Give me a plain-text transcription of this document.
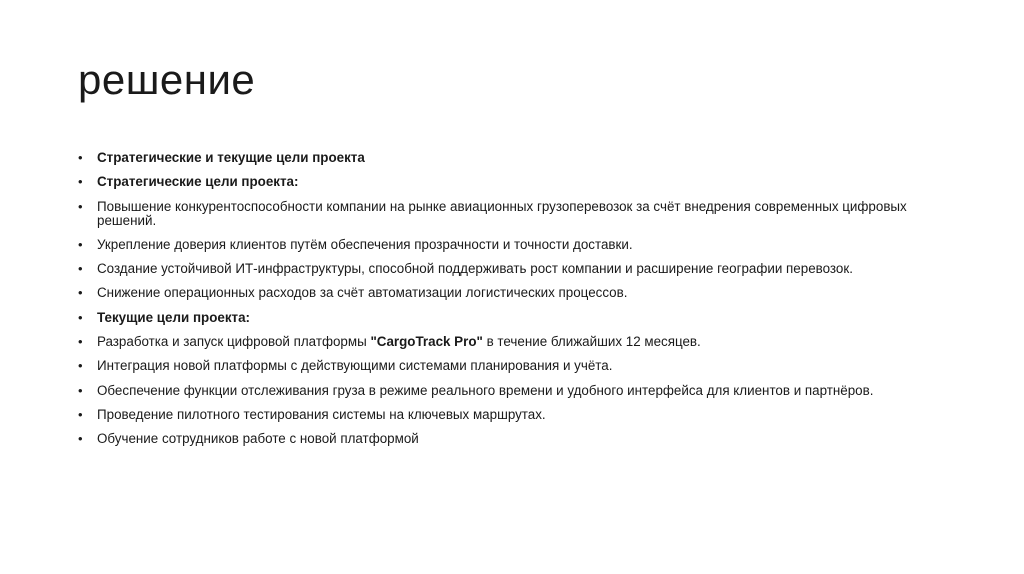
решение
• Стратегические и текущие цели проекта
• Стратегические цели проекта:
• Повышение конкурентоспособности компании на рынке авиационных грузоперевозок за счёт внедрения современных цифровых решений.
• Укрепление доверия клиентов путём обеспечения прозрачности и точности доставки.
• Создание устойчивой ИТ-инфраструктуры, способной поддерживать рост компании и расширение географии перевозок.
• Снижение операционных расходов за счёт автоматизации логистических процессов.
• Текущие цели проекта:
• Разработка и запуск цифровой платформы "CargoTrack Pro" в течение ближайших 12 месяцев.
• Интеграция новой платформы с действующими системами планирования и учёта.
• Обеспечение функции отслеживания груза в режиме реального времени и удобного интерфейса для клиентов и партнёров.
• Проведение пилотного тестирования системы на ключевых маршрутах.
• Обучение сотрудников работе с новой платформой
